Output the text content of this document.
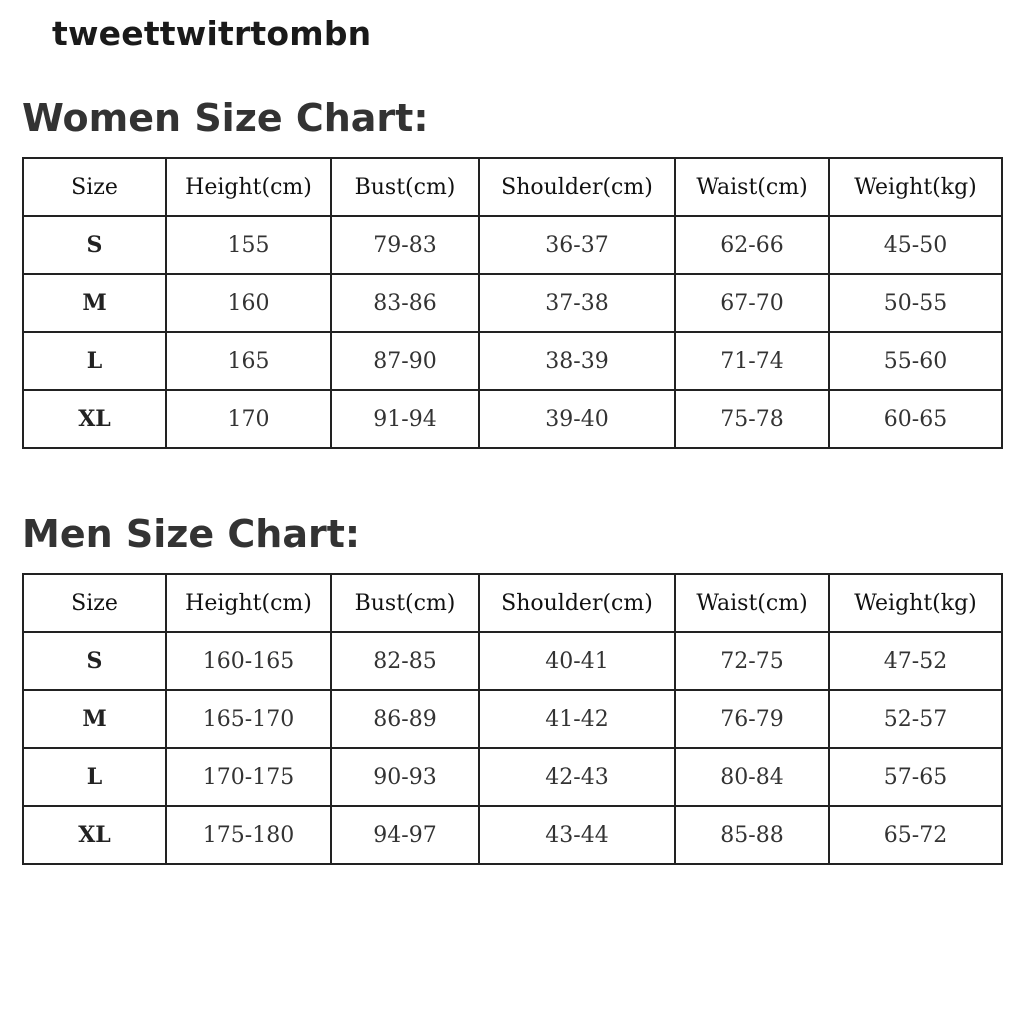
tweettwitrtombn
Women Size Chart:
Size	Height(cm)	Bust(cm)	Shoulder(cm)	Waist(cm)	Weight(kg)
S	155	79-83	36-37	62-66	45-50
M	160	83-86	37-38	67-70	50-55
L	165	87-90	38-39	71-74	55-60
XL	170	91-94	39-40	75-78	60-65
Men Size Chart:
Size	Height(cm)	Bust(cm)	Shoulder(cm)	Waist(cm)	Weight(kg)
S	160-165	82-85	40-41	72-75	47-52
M	165-170	86-89	41-42	76-79	52-57
L	170-175	90-93	42-43	80-84	57-65
XL	175-180	94-97	43-44	85-88	65-72
